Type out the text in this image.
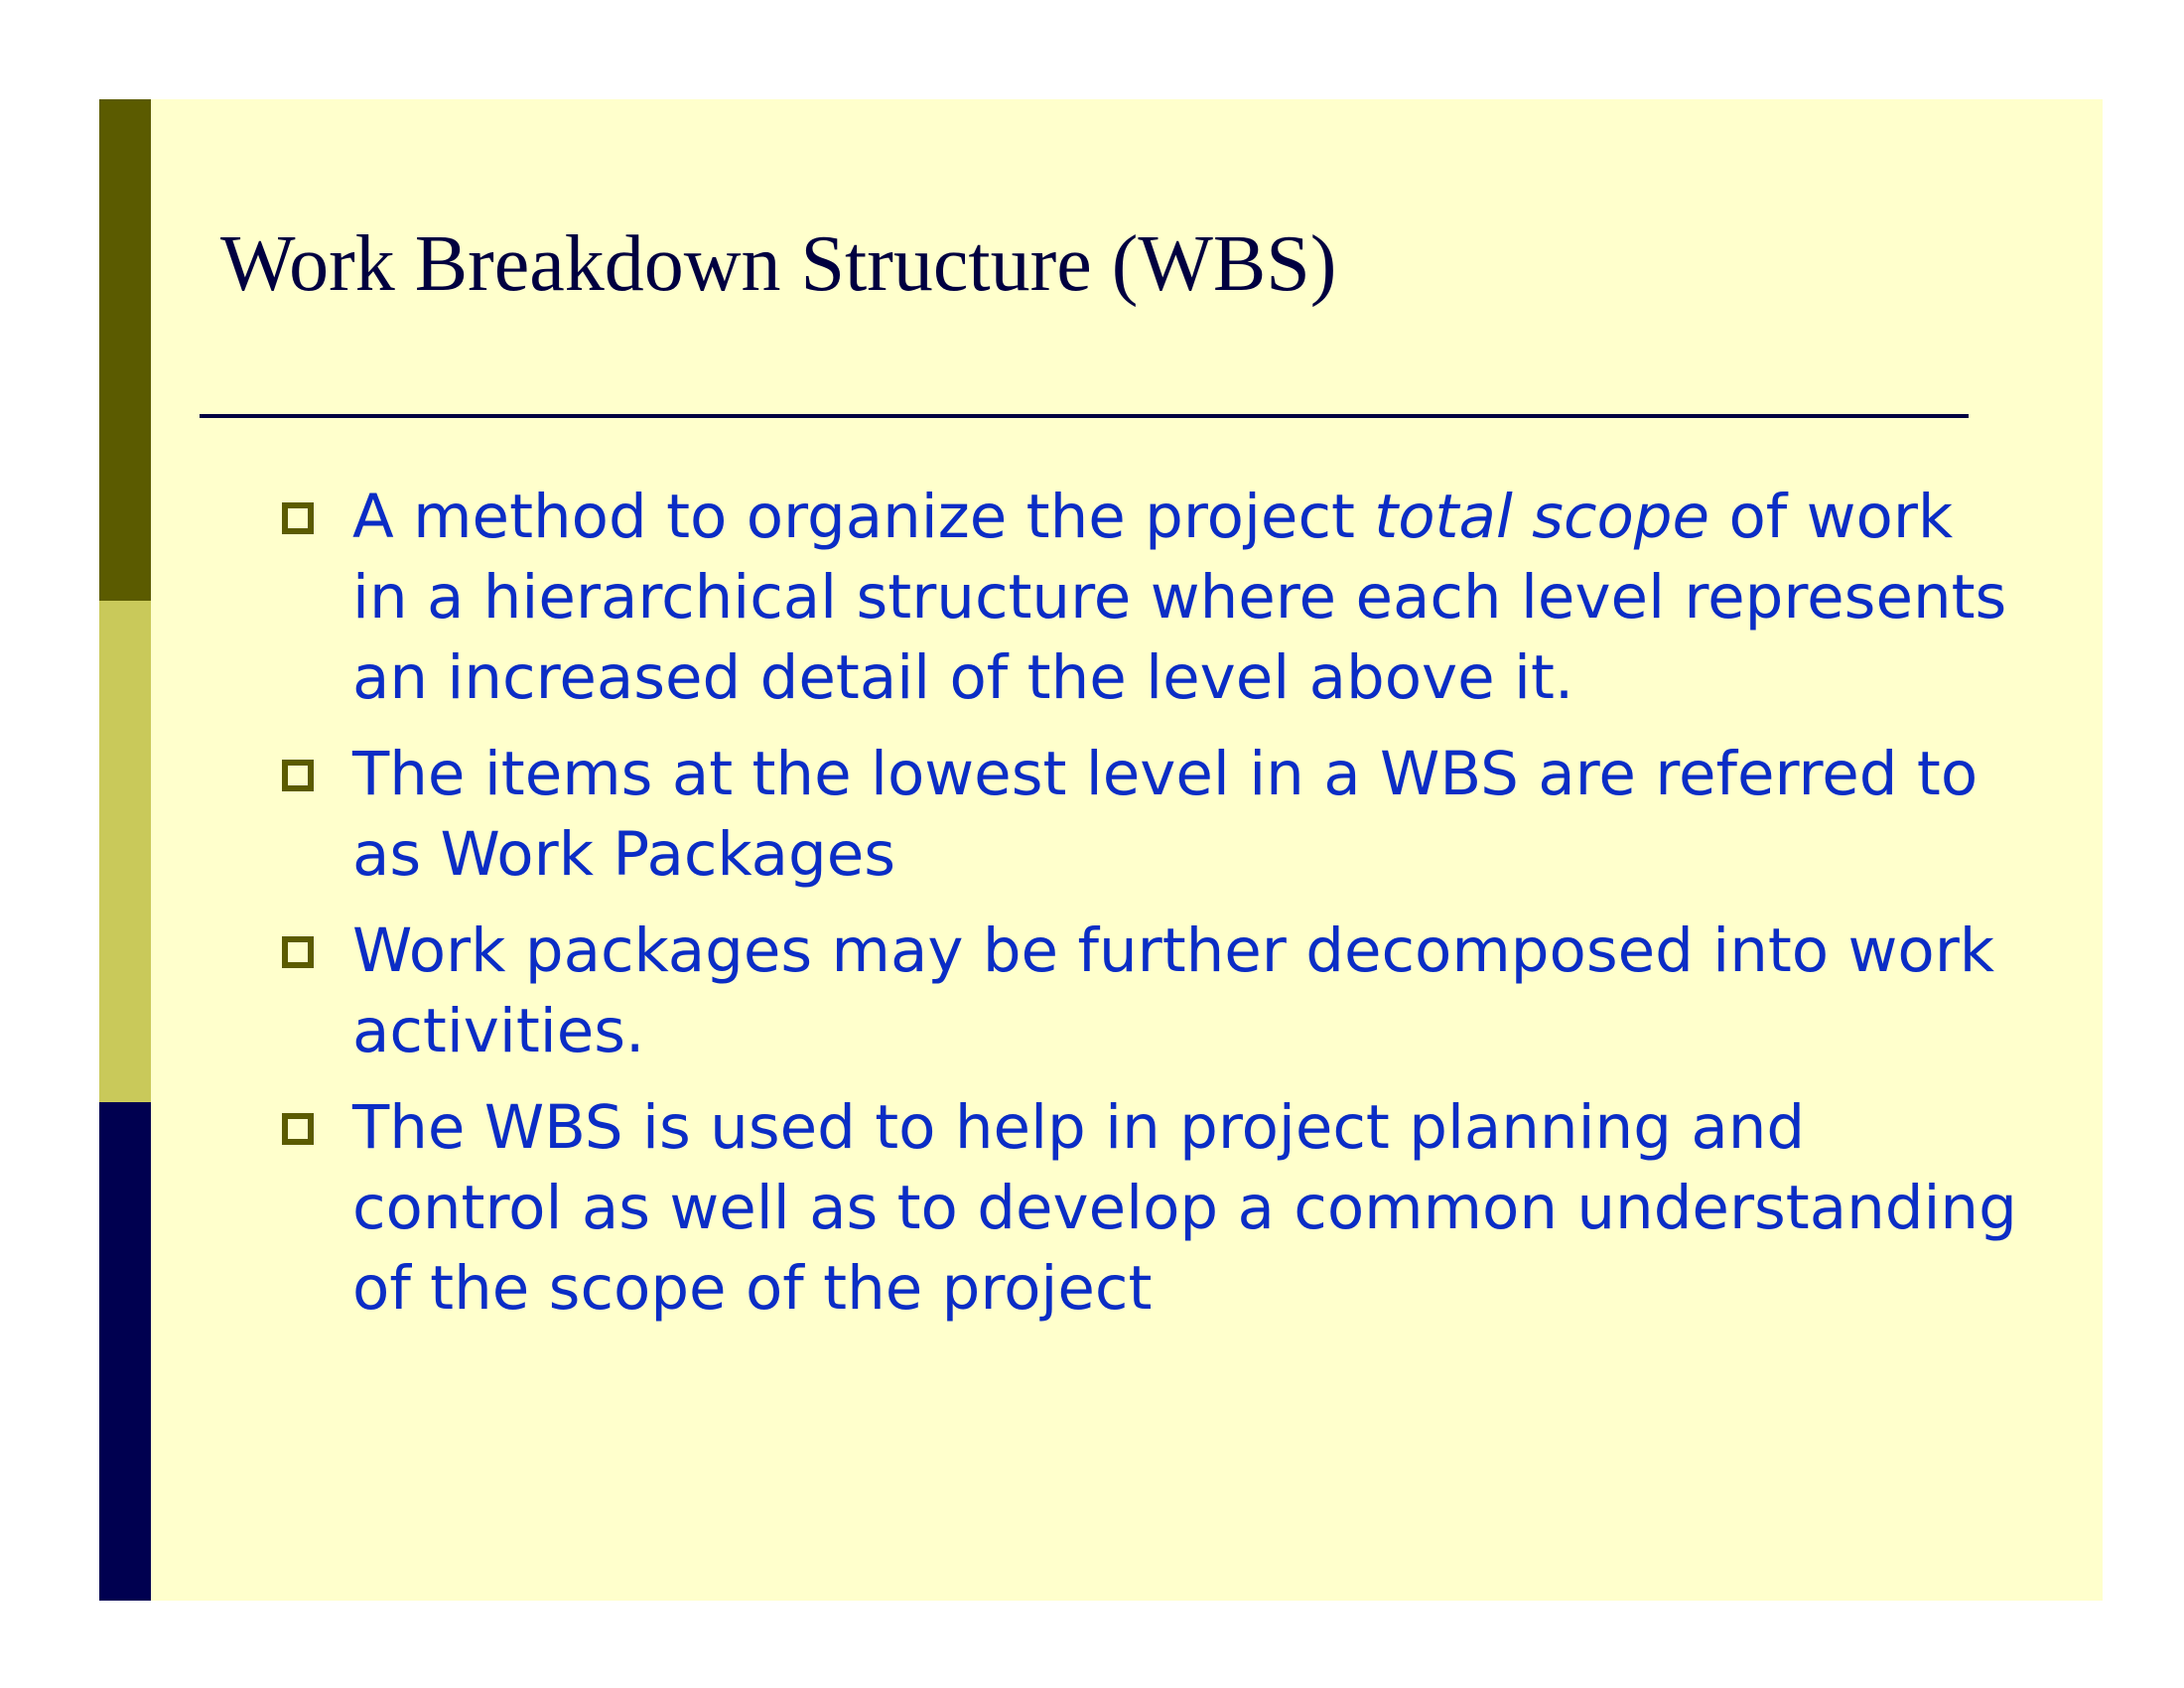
Work Breakdown Structure (WBS)
A method to organize the project total scope of work in a hierarchical structure where each level represents an increased detail of the level above it.
The items at the lowest level in a WBS are referred to as Work Packages
Work packages may be further decomposed into work activities.
The WBS is used to help in project planning and control as well as to develop a common understanding of the scope of the project
